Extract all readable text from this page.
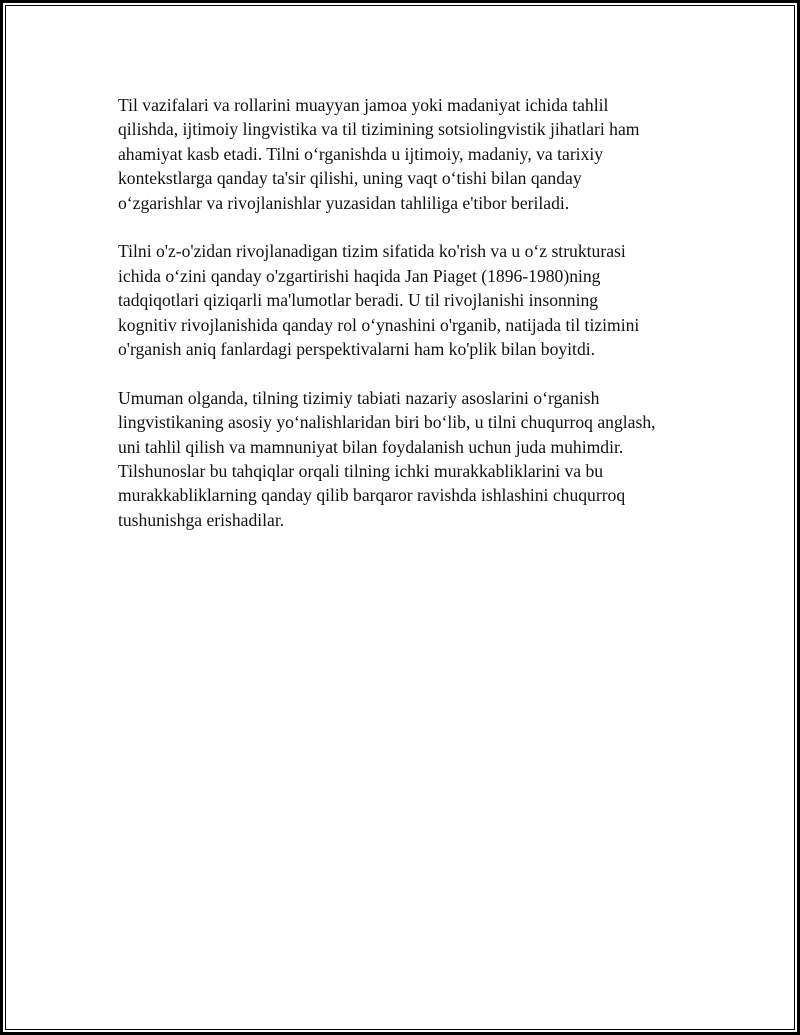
Til vazifalari va rollarini muayyan jamoa yoki madaniyat ichida tahlil
qilishda, ijtimoiy lingvistika va til tizimining sotsiolingvistik jihatlari ham
ahamiyat kasb etadi. Tilni o‘rganishda u ijtimoiy, madaniy, va tarixiy
kontekstlarga qanday ta'sir qilishi, uning vaqt o‘tishi bilan qanday
o‘zgarishlar va rivojlanishlar yuzasidan tahliliga e'tibor beriladi.

Tilni o'z-o'zidan rivojlanadigan tizim sifatida ko'rish va u o‘z strukturasi
ichida o‘zini qanday o'zgartirishi haqida Jan Piaget (1896-1980)ning
tadqiqotlari qiziqarli ma'lumotlar beradi. U til rivojlanishi insonning
kognitiv rivojlanishida qanday rol o‘ynashini o'rganib, natijada til tizimini
o'rganish aniq fanlardagi perspektivalarni ham ko'plik bilan boyitdi.

Umuman olganda, tilning tizimiy tabiati nazariy asoslarini o‘rganish
lingvistikaning asosiy yo‘nalishlaridan biri bo‘lib, u tilni chuqurroq anglash,
uni tahlil qilish va mamnuniyat bilan foydalanish uchun juda muhimdir.
Tilshunoslar bu tahqiqlar orqali tilning ichki murakkabliklarini va bu
murakkabliklarning qanday qilib barqaror ravishda ishlashini chuqurroq
tushunishga erishadilar.
